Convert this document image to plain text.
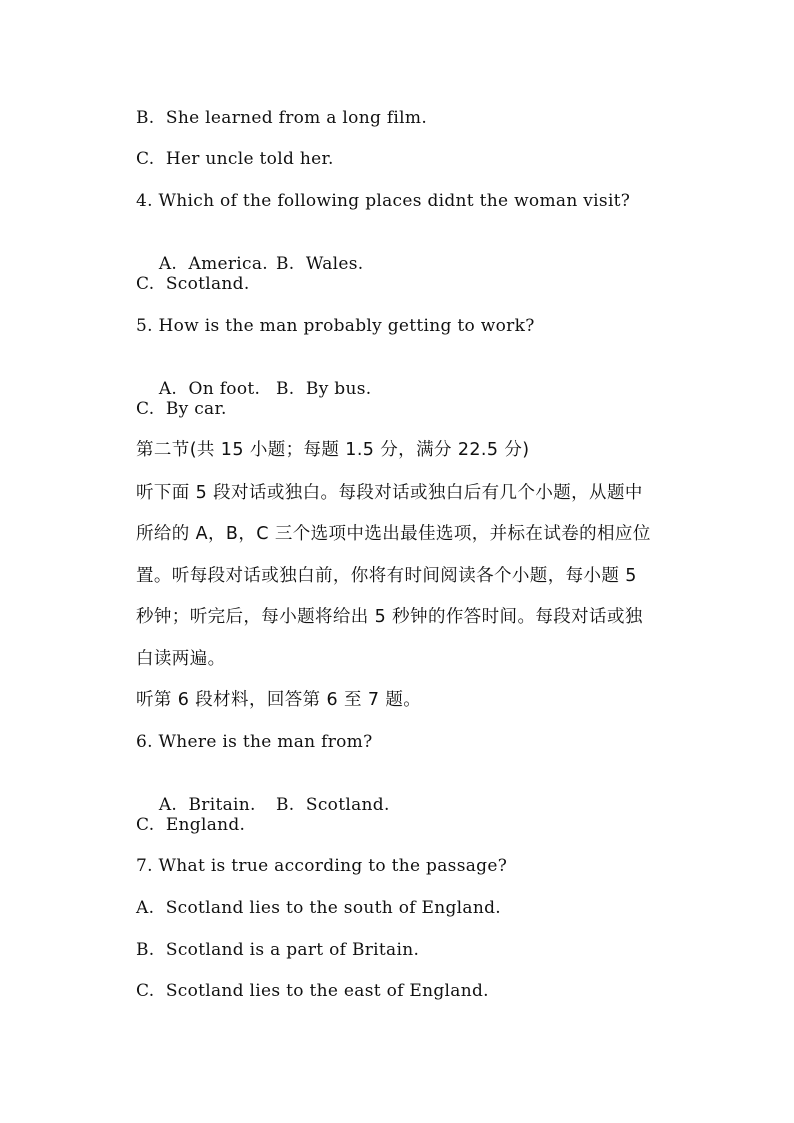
B.  She learned from a long film.
C.  Her uncle told her.
4. Which of the following places didnt the woman visit?

A.  America. B.  Wales.

C.  Scotland.
5. How is the man probably getting to work?

A.  On foot. B.  By bus.

C.  By car.
第二节(共 15 小题；每题 1.5 分，满分 22.5 分)
听下面 5 段对话或独白。每段对话或独白后有几个小题，从题中
所给的 A，B，C 三个选项中选出最佳选项，并标在试卷的相应位
置。听每段对话或独白前，你将有时间阅读各个小题，每小题 5
秒钟；听完后，每小题将给出 5 秒钟的作答时间。每段对话或独
白读两遍。
听第 6 段材料，回答第 6 至 7 题。
6. Where is the man from?

A.  Britain. B.  Scotland.

C.  England.
7. What is true according to the passage?
A.  Scotland lies to the south of England.
B.  Scotland is a part of Britain.
C.  Scotland lies to the east of England.
